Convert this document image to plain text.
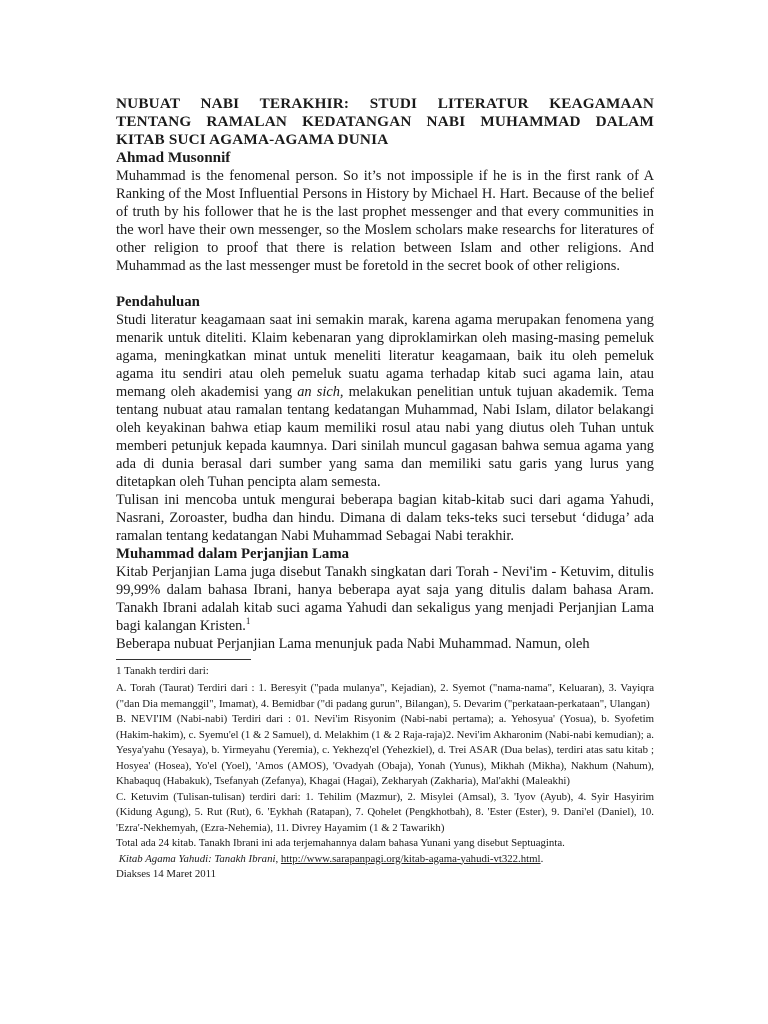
NUBUAT NABI TERAKHIR: STUDI LITERATUR KEAGAMAAN

TENTANG RAMALAN KEDATANGAN NABI MUHAMMAD DALAM

KITAB SUCI AGAMA-AGAMA DUNIA

Ahmad Musonnif

Muhammad is the fenomenal person. So it’s not impossiple if he is in the first rank of A Ranking of the Most Influential Persons in History by Michael H. Hart. Because of the belief of truth by his follower that he is the last prophet messenger and that every communities in the worl have their own messenger, so the Moslem scholars make researchs for literatures of other religion to proof that there is relation between Islam and other religions. And Muhammad as the last messenger must be foretold in the secret book of other religions.

Pendahuluan

Studi literatur keagamaan saat ini semakin marak, karena agama merupakan fenomena yang menarik untuk diteliti. Klaim kebenaran yang diproklamirkan oleh masing-masing pemeluk agama, meningkatkan minat untuk meneliti literatur keagamaan, baik itu oleh pemeluk agama itu sendiri atau oleh pemeluk suatu agama terhadap kitab suci agama lain, atau memang oleh akademisi yang an sich, melakukan penelitian untuk tujuan akademik. Tema tentang nubuat atau ramalan tentang kedatangan Muhammad, Nabi Islam, dilator belakangi oleh keyakinan bahwa etiap kaum memiliki rosul atau nabi yang diutus oleh Tuhan untuk memberi petunjuk kepada kaumnya. Dari sinilah muncul gagasan bahwa semua agama yang ada di dunia berasal dari sumber yang sama dan memiliki satu garis yang lurus yang ditetapkan oleh Tuhan pencipta alam semesta.

Tulisan ini mencoba untuk mengurai beberapa bagian kitab-kitab suci dari agama Yahudi, Nasrani, Zoroaster, budha dan hindu. Dimana di dalam teks-teks suci tersebut ‘diduga’ ada ramalan tentang kedatangan Nabi Muhammad Sebagai Nabi terakhir.

Muhammad dalam Perjanjian Lama

Kitab Perjanjian Lama juga disebut Tanakh singkatan dari Torah - Nevi'im - Ketuvim, ditulis 99,99% dalam bahasa Ibrani, hanya beberapa ayat saja yang ditulis dalam bahasa Aram. Tanakh Ibrani adalah kitab suci agama Yahudi dan sekaligus yang menjadi Perjanjian Lama bagi kalangan Kristen.$^1$

Beberapa nubuat Perjanjian Lama menunjuk pada Nabi Muhammad. Namun, oleh

1 Tanakh terdiri dari:

A. Torah (Taurat) Terdiri dari : 1. Beresyit ("pada mulanya", Kejadian), 2. Syemot ("nama-nama", Keluaran), 3. Vayiqra ("dan Dia memanggil", Imamat), 4. Bemidbar ("di padang gurun", Bilangan), 5. Devarim ("perkataan-perkataan", Ulangan)

B. NEVI'IM (Nabi-nabi) Terdiri dari : 01. Nevi'im Risyonim (Nabi-nabi pertama); a. Yehosyua' (Yosua), b. Syofetim (Hakim-hakim), c. Syemu'el (1 & 2 Samuel), d. Melakhim (1 & 2 Raja-raja)2. Nevi'im Akharonim (Nabi-nabi kemudian); a. Yesya'yahu (Yesaya), b. Yirmeyahu (Yeremia), c. Yekhezq'el (Yehezkiel), d. Trei ASAR (Dua belas), terdiri atas satu kitab ; Hosyea' (Hosea), Yo'el (Yoel), 'Amos (AMOS), 'Ovadyah (Obaja), Yonah (Yunus), Mikhah (Mikha), Nakhum (Nahum), Khabaquq (Habakuk), Tsefanyah (Zefanya), Khagai (Hagai), Zekharyah (Zakharia), Mal'akhi (Maleakhi)

C. Ketuvim (Tulisan-tulisan) terdiri dari: 1. Tehilim (Mazmur), 2. Misylei (Amsal), 3. 'Iyov (Ayub), 4. Syir Hasyirim (Kidung Agung), 5. Rut (Rut), 6. 'Eykhah (Ratapan), 7. Qohelet (Pengkhotbah), 8. 'Ester (Ester), 9. Dani'el (Daniel), 10. 'Ezra'-Nekhemyah, (Ezra-Nehemia), 11. Divrey Hayamim (1 & 2 Tawarikh)

Total ada 24 kitab. Tanakh Ibrani ini ada terjemahannya dalam bahasa Yunani yang disebut Septuaginta.

Kitab Agama Yahudi: Tanakh Ibrani, http://www.sarapanpagi.org/kitab-agama-yahudi-vt322.html.

Diakses 14 Maret 2011
